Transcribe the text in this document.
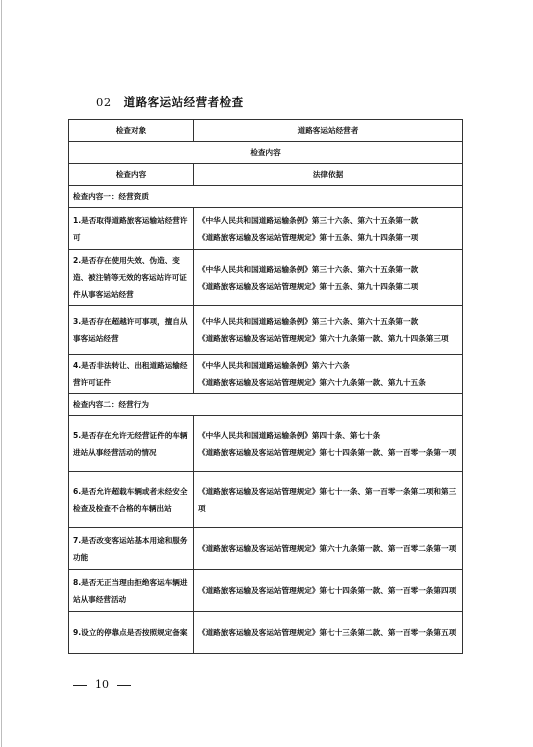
02 道路客运站经营者检查
检查对象	道路客运站经营者
检查内容	
检查内容	法律依据
检查内容一：经营资质	
1.是否取得道路旅客运输站经营许可	《中华人民共和国道路运输条例》第三十六条、第六十五条第一款
《道路旅客运输及客运站管理规定》第十五条、第九十四条第一项
2.是否存在使用失效、伪造、变造、被注销等无效的客运站许可证件从事客运站经营	《中华人民共和国道路运输条例》第三十六条、第六十五条第一款
《道路旅客运输及客运站管理规定》第十五条、第九十四条第二项
3.是否存在超越许可事项，擅自从事客运站经营	《中华人民共和国道路运输条例》第三十六条、第六十五条第一款
《道路旅客运输及客运站管理规定》第六十九条第一款、第九十四条第三项
4.是否非法转让、出租道路运输经营许可证件	《中华人民共和国道路运输条例》第六十六条
《道路旅客运输及客运站管理规定》第六十九条第一款、第九十五条
检查内容二：经营行为	
5.是否存在允许无经营证件的车辆进站从事经营活动的情况	《中华人民共和国道路运输条例》第四十条、第七十条
《道路旅客运输及客运站管理规定》第七十四条第一款、第一百零一条第一项
6.是否允许超载车辆或者未经安全检查及检查不合格的车辆出站	《道路旅客运输及客运站管理规定》第七十一条、第一百零一条第二项和第三项
7.是否改变客运站基本用途和服务功能	《道路旅客运输及客运站管理规定》第六十九条第一款、第一百零二条第一项
8.是否无正当理由拒绝客运车辆进站从事经营活动	《道路旅客运输及客运站管理规定》第七十四条第一款、第一百零一条第四项
9.设立的停靠点是否按照规定备案	《道路旅客运输及客运站管理规定》第七十三条第二款、第一百零一条第五项
10
